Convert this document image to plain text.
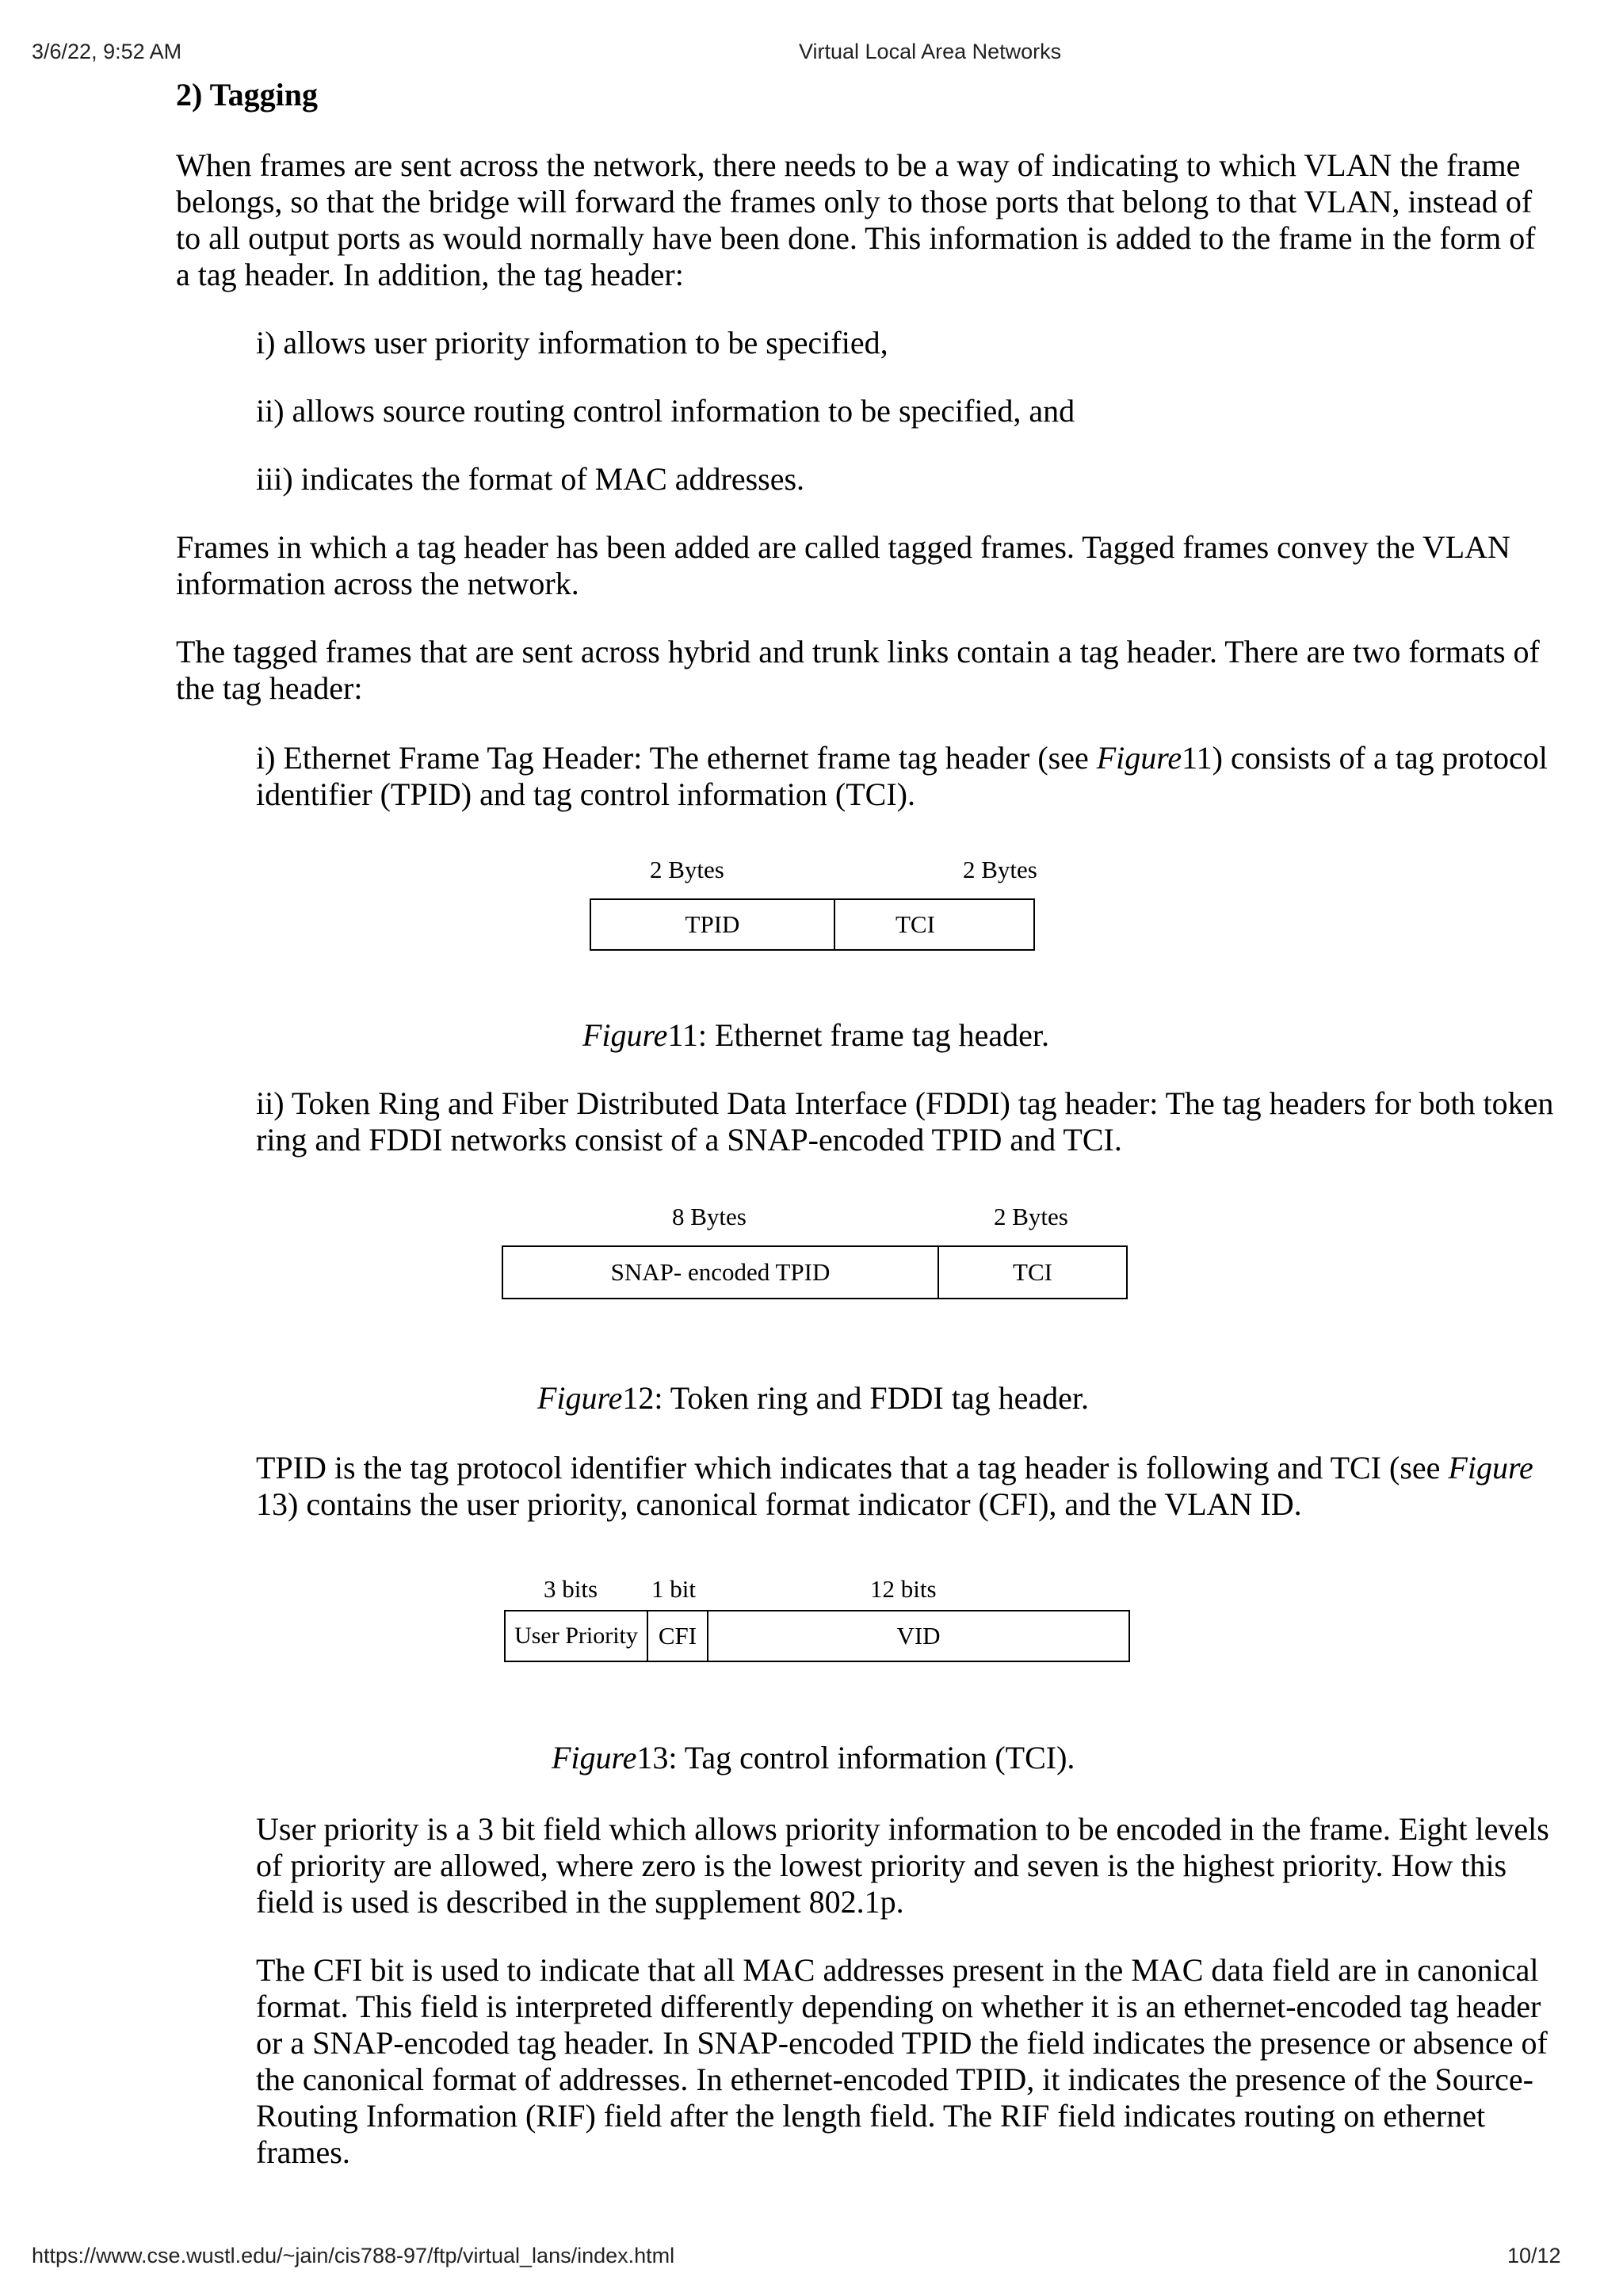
3/6/22, 9:52 AM	Virtual Local Area Networks
2) Tagging

When frames are sent across the network, there needs to be a way of indicating to which VLAN the frame belongs, so that the bridge will forward the frames only to those ports that belong to that VLAN, instead of to all output ports as would normally have been done. This information is added to the frame in the form of a tag header. In addition, the tag header:

i) allows user priority information to be specified,

ii) allows source routing control information to be specified, and

iii) indicates the format of MAC addresses.

Frames in which a tag header has been added are called tagged frames. Tagged frames convey the VLAN information across the network.

The tagged frames that are sent across hybrid and trunk links contain a tag header. There are two formats of the tag header:

i) Ethernet Frame Tag Header: The ethernet frame tag header (see Figure11) consists of a tag protocol identifier (TPID) and tag control information (TCI).

2 Bytes	2 Bytes
TPID	TCI
Figure11: Ethernet frame tag header.

ii) Token Ring and Fiber Distributed Data Interface (FDDI) tag header: The tag headers for both token ring and FDDI networks consist of a SNAP-encoded TPID and TCI.

8 Bytes	2 Bytes
SNAP- encoded TPID	TCI
Figure12: Token ring and FDDI tag header.

TPID is the tag protocol identifier which indicates that a tag header is following and TCI (see Figure 13) contains the user priority, canonical format indicator (CFI), and the VLAN ID.

3 bits 1 bit	12 bits
User Priority CFI	VID
Figure13: Tag control information (TCI).

User priority is a 3 bit field which allows priority information to be encoded in the frame. Eight levels of priority are allowed, where zero is the lowest priority and seven is the highest priority. How this field is used is described in the supplement 802.1p.

The CFI bit is used to indicate that all MAC addresses present in the MAC data field are in canonical format. This field is interpreted differently depending on whether it is an ethernet-encoded tag header or a SNAP-encoded tag header. In SNAP-encoded TPID the field indicates the presence or absence of the canonical format of addresses. In ethernet-encoded TPID, it indicates the presence of the Source-Routing Information (RIF) field after the length field. The RIF field indicates routing on ethernet frames.

https://www.cse.wustl.edu/~jain/cis788-97/ftp/virtual_lans/index.html	10/12
